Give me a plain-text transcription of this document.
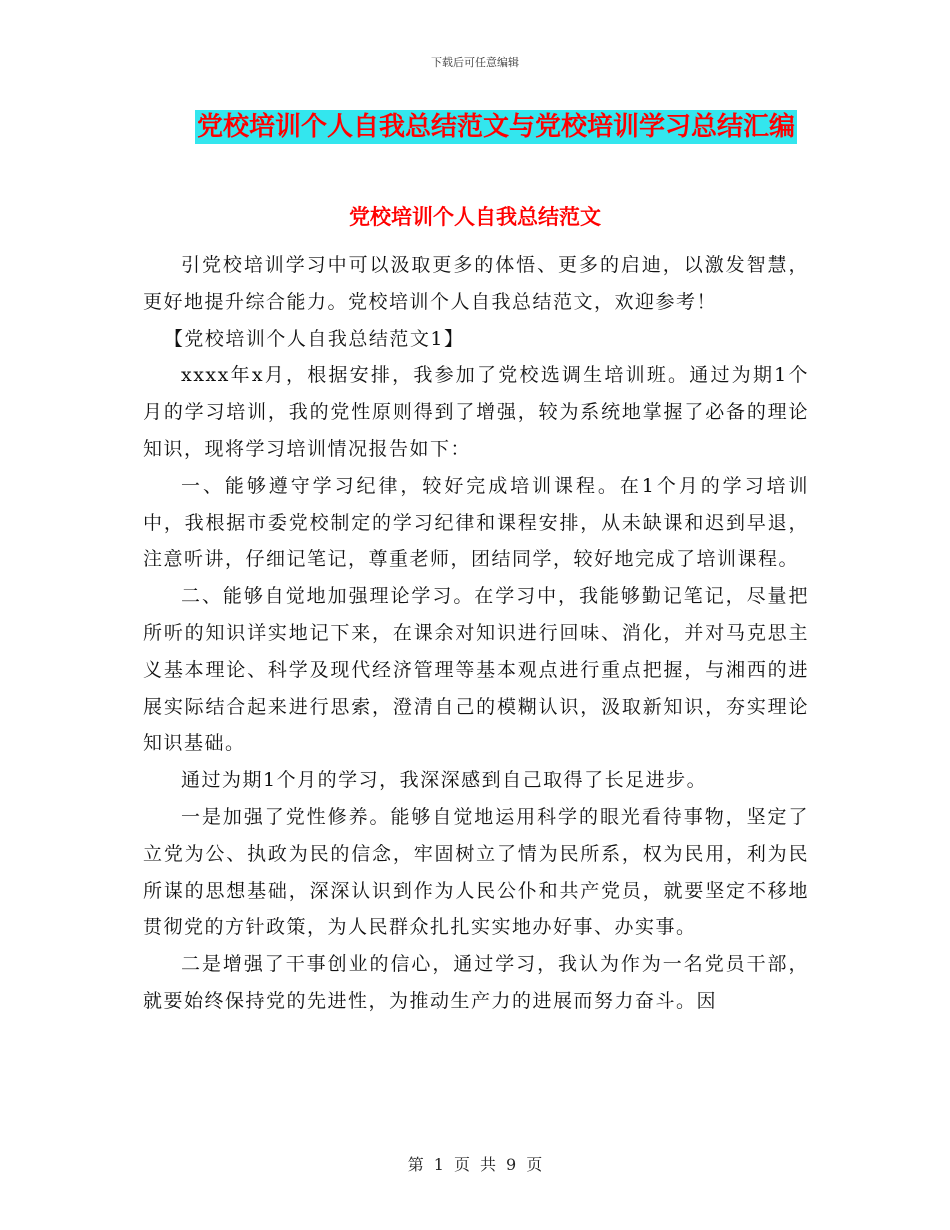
下载后可任意编辑
党校培训个人自我总结范文与党校培训学习总结汇编
党校培训个人自我总结范文

引党校培训学习中可以汲取更多的体悟、更多的启迪，以激发智慧，更好地提升综合能力。党校培训个人自我总结范文，欢迎参考！

【党校培训个人自我总结范文1】

xxxx年x月，根据安排，我参加了党校选调生培训班。通过为期1个月的学习培训，我的党性原则得到了增强，较为系统地掌握了必备的理论知识，现将学习培训情况报告如下：

一、能够遵守学习纪律，较好完成培训课程。在1个月的学习培训中，我根据市委党校制定的学习纪律和课程安排，从未缺课和迟到早退，注意听讲，仔细记笔记，尊重老师，团结同学，较好地完成了培训课程。

二、能够自觉地加强理论学习。在学习中，我能够勤记笔记，尽量把所听的知识详实地记下来，在课余对知识进行回味、消化，并对马克思主义基本理论、科学及现代经济管理等基本观点进行重点把握，与湘西的进展实际结合起来进行思索，澄清自己的模糊认识，汲取新知识，夯实理论知识基础。

通过为期1个月的学习，我深深感到自己取得了长足进步。

一是加强了党性修养。能够自觉地运用科学的眼光看待事物，坚定了立党为公、执政为民的信念，牢固树立了情为民所系，权为民用，利为民所谋的思想基础，深深认识到作为人民公仆和共产党员，就要坚定不移地贯彻党的方针政策，为人民群众扎扎实实地办好事、办实事。

二是增强了干事创业的信心，通过学习，我认为作为一名党员干部，就要始终保持党的先进性，为推动生产力的进展而努力奋斗。因

第 1 页 共 9 页
